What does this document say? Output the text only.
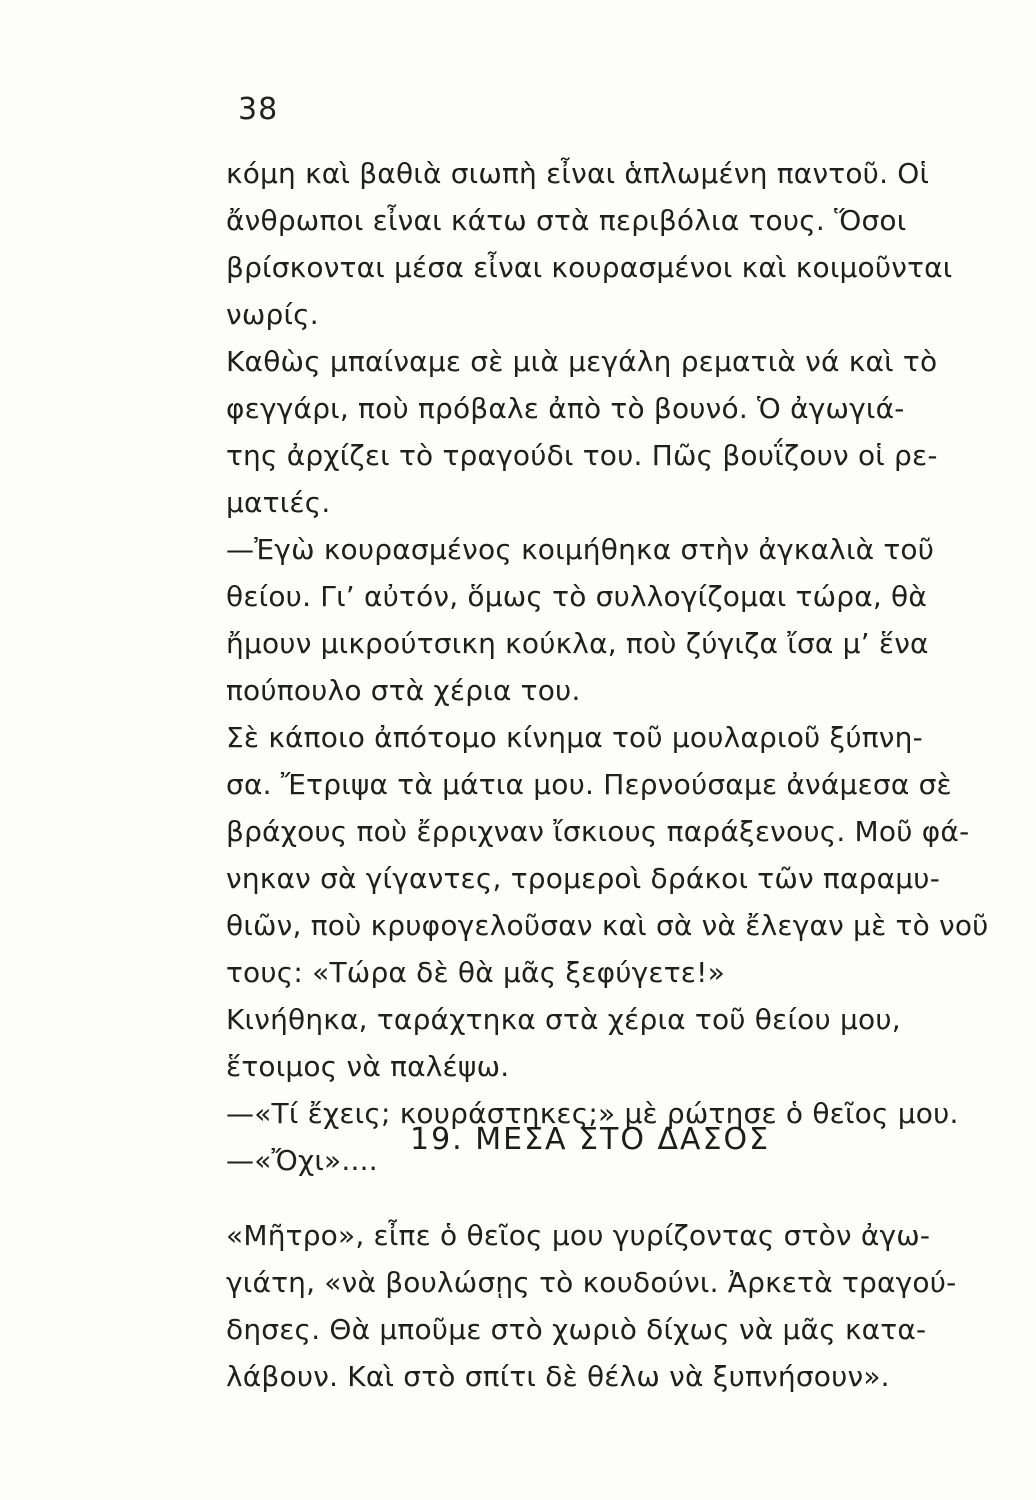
38
κόμη καὶ βαθιὰ σιωπὴ εἶναι ἁπλωμένη παντοῦ. Οἱ
ἄνθρωποι εἶναι κάτω στὰ περιβόλια τους. Ὅσοι
βρίσκονται μέσα εἶναι κουρασμένοι καὶ κοιμοῦνται
νωρίς.
Καθὼς μπαίναμε σὲ μιὰ μεγάλη ρεματιὰ νά καὶ τὸ
φεγγάρι, ποὺ πρόβαλε ἀπὸ τὸ βουνό. Ὁ ἀγωγιά-
της ἀρχίζει τὸ τραγούδι του. Πῶς βουΐζουν οἱ ρε-
ματιές.
—Ἐγὼ κουρασμένος κοιμήθηκα στὴν ἀγκαλιὰ τοῦ
θείου. Γι’ αὐτόν, ὅμως τὸ συλλογίζομαι τώρα, θὰ
ἤμουν μικρούτσικη κούκλα, ποὺ ζύγιζα ἴσα μ’ ἕνα
πούπουλο στὰ χέρια του.
Σὲ κάποιο ἀπότομο κίνημα τοῦ μουλαριοῦ ξύπνη-
σα. Ἔτριψα τὰ μάτια μου. Περνούσαμε ἀνάμεσα σὲ
βράχους ποὺ ἔρριχναν ἴσκιους παράξενους. Μοῦ φά-
νηκαν σὰ γίγαντες, τρομεροὶ δράκοι τῶν παραμυ-
θιῶν, ποὺ κρυφογελοῦσαν καὶ σὰ νὰ ἔλεγαν μὲ τὸ νοῦ
τους: «Τώρα δὲ θὰ μᾶς ξεφύγετε!»
Κινήθηκα, ταράχτηκα στὰ χέρια τοῦ θείου μου,
ἕτοιμος νὰ παλέψω.
—«Τί ἔχεις; κουράστηκες;» μὲ ρώτησε ὁ θεῖος μου.
—«Ὄχι»....
19. ΜΕΣΑ ΣΤΟ ΔΑΣΟΣ
«Μῆτρο», εἶπε ὁ θεῖος μου γυρίζοντας στὸν ἀγω-
γιάτη, «νὰ βουλώσῃς τὸ κουδούνι. Ἀρκετὰ τραγού-
δησες. Θὰ μποῦμε στὸ χωριὸ δίχως νὰ μᾶς κατα-
λάβουν. Καὶ στὸ σπίτι δὲ θέλω νὰ ξυπνήσουν».
